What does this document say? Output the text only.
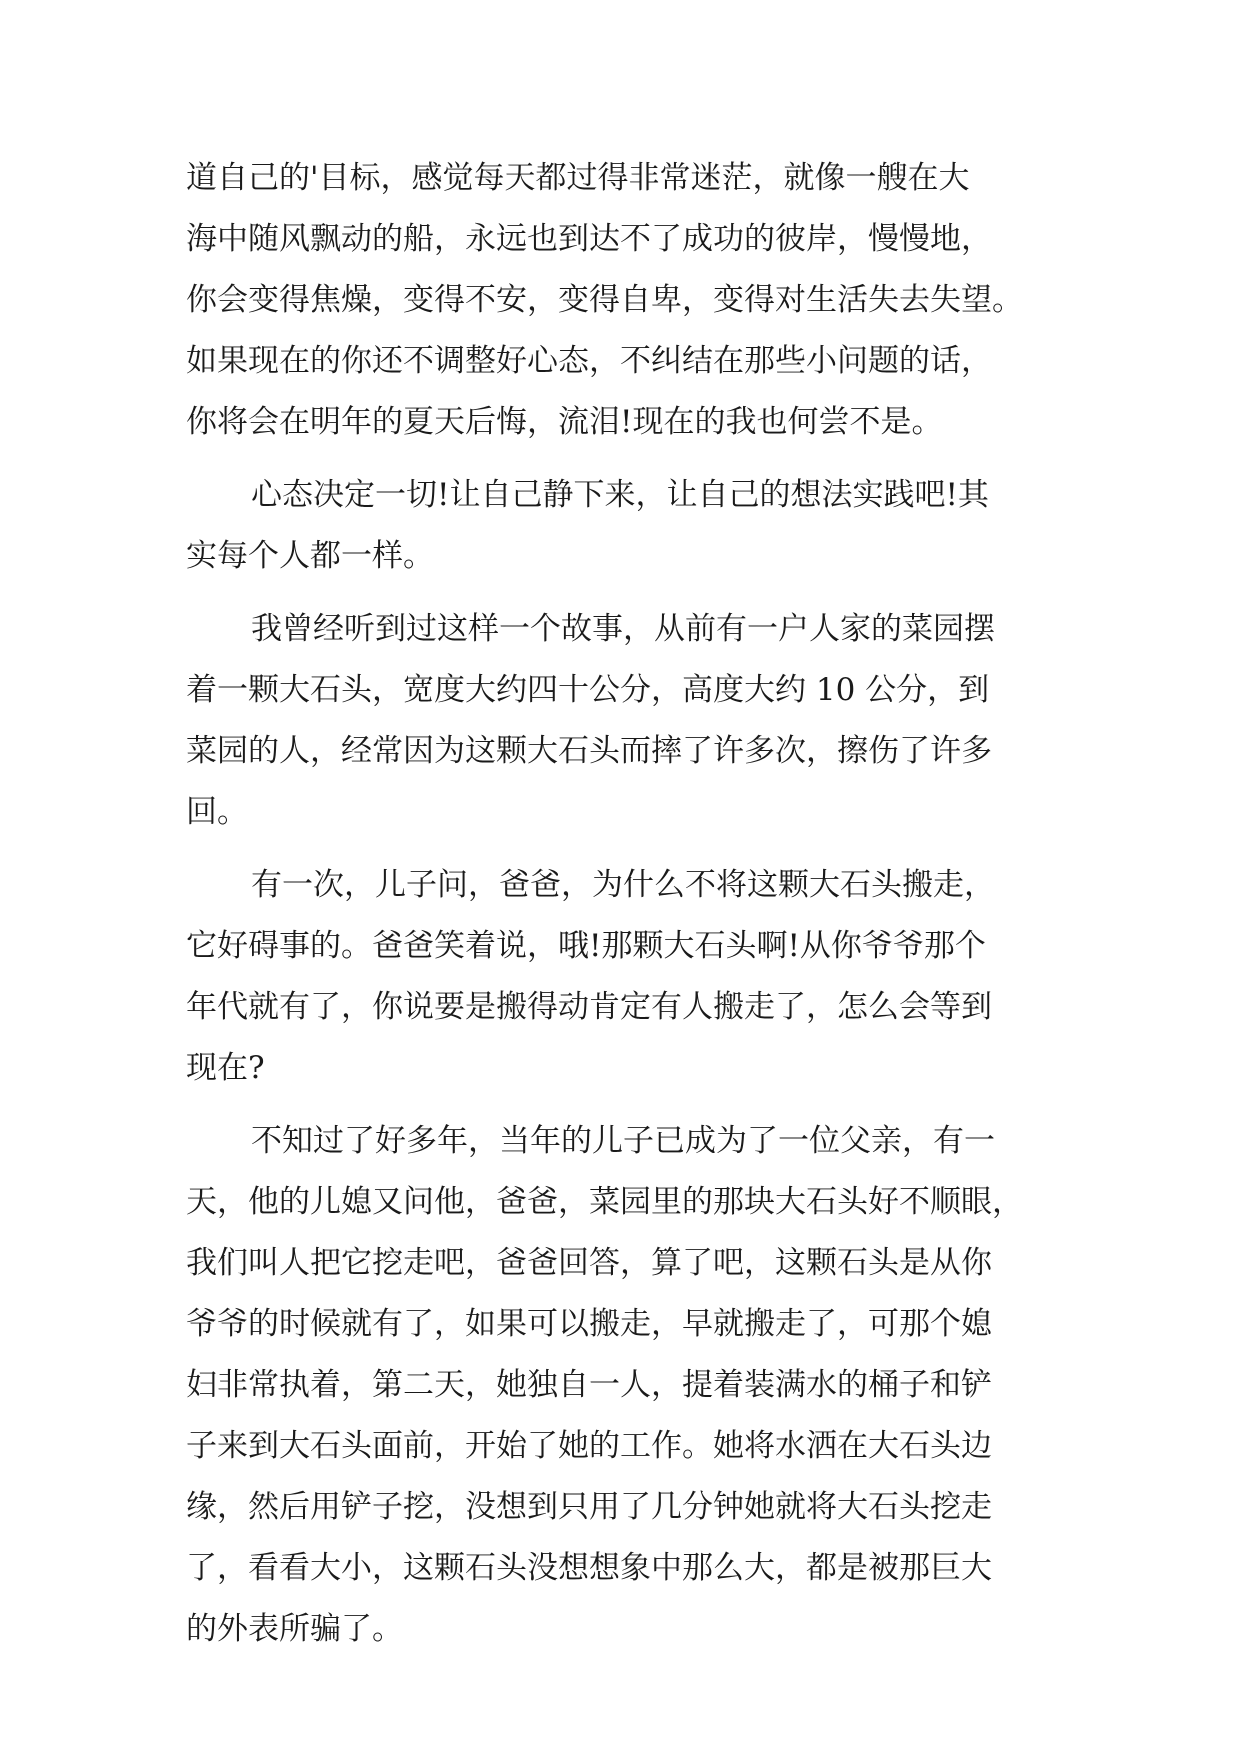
道自己的'目标，感觉每天都过得非常迷茫，就像一艘在大
海中随风飘动的船，永远也到达不了成功的彼岸，慢慢地，
你会变得焦燥，变得不安，变得自卑，变得对生活失去失望。
如果现在的你还不调整好心态，不纠结在那些小问题的话，
你将会在明年的夏天后悔，流泪!现在的我也何尝不是。
心态决定一切!让自己静下来，让自己的想法实践吧!其
实每个人都一样。
我曾经听到过这样一个故事，从前有一户人家的菜园摆
着一颗大石头，宽度大约四十公分，高度大约 10 公分，到
菜园的人，经常因为这颗大石头而摔了许多次，擦伤了许多
回。
有一次，儿子问，爸爸，为什么不将这颗大石头搬走，
它好碍事的。爸爸笑着说，哦!那颗大石头啊!从你爷爷那个
年代就有了，你说要是搬得动肯定有人搬走了，怎么会等到
现在?
不知过了好多年，当年的儿子已成为了一位父亲，有一
天，他的儿媳又问他，爸爸，菜园里的那块大石头好不顺眼，
我们叫人把它挖走吧，爸爸回答，算了吧，这颗石头是从你
爷爷的时候就有了，如果可以搬走，早就搬走了，可那个媳
妇非常执着，第二天，她独自一人，提着装满水的桶子和铲
子来到大石头面前，开始了她的工作。她将水洒在大石头边
缘，然后用铲子挖，没想到只用了几分钟她就将大石头挖走
了，看看大小，这颗石头没想想象中那么大，都是被那巨大
的外表所骗了。
